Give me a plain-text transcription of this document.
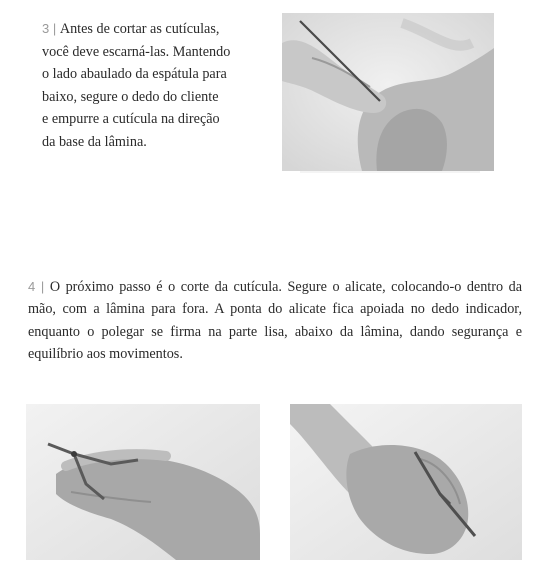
3 | Antes de cortar as cutículas,
você deve escarná-las. Mantendo
o lado abaulado da espátula para
baixo, segure o dedo do cliente
e empurre a cutícula na direção
da base da lâmina.
4 | O próximo passo é o corte da cutícula. Segure o alicate, colocando-o dentro da mão, com a lâmina para fora. A ponta do alicate fica apoiada no dedo indicador, enquanto o polegar se firma na parte lisa, abaixo da lâmina, dando segurança e equilíbrio aos movimentos.
